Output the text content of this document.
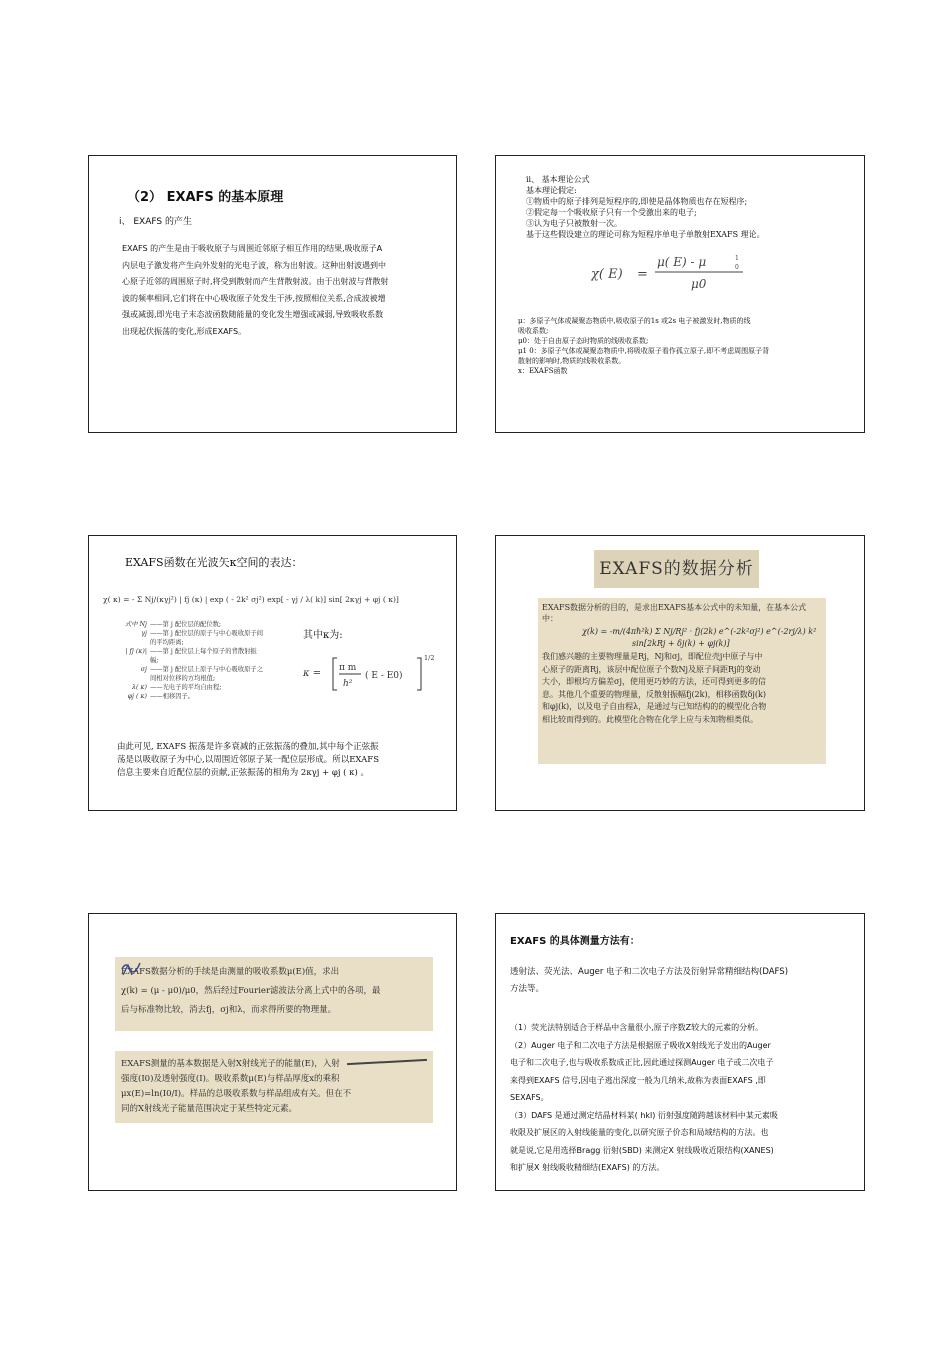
（2） EXAFS 的基本原理
i、 EXAFS 的产生
EXAFS 的产生是由于吸收原子与周围近邻原子相互作用的结果,吸收原子A
内层电子激发将产生向外发射的光电子波，称为出射波。这种出射波遇到中
心原子近邻的周围原子时,将受到散射而产生背散射波。由于出射波与背散射
波的频率相同,它们将在中心吸收原子处发生干涉,按照相位关系,合成波被增
强或减弱,即光电子末态波函数随能量的变化发生增强或减弱,导致吸收系数
出现起伏振荡的变化,形成EXAFS。
ii、 基本理论公式
基本理论假定:
①物质中的原子排列是短程序的,即使是晶体物质也存在短程序;
②假定每一个吸收原子只有一个受激出来的电子;
③认为电子只被散射一次。
基于这些假设建立的理论可称为短程序单电子单散射EXAFS 理论。
χ( E) =
μ( E) - μ	1
0
μ0
μ：多原子气体或凝聚态物质中,吸收原子的1s 或2s 电子被激发时,物质的线
吸收系数;
μ0：处于自由原子态时物质的线吸收系数;
μ1 0：多原子气体或凝聚态物质中,将吸收原子看作孤立原子,即不考虑周围原子背
散射的影响时,物质的线吸收系数。
x：EXAFS函数
EXAFS函数在光波矢κ空间的表达：
χ( κ) = - Σ Nj/(κγj²) | fj (κ) | exp ( - 2k² σj²) exp[ - γj / λ( k)] sin[ 2κγj + φj ( κ)]
式中 Nj ——第 j 配位层的配位数;
γj ——第 j 配位层的原子与中心吸收原子间
的平均距离;
| fj (κ)| ——第 j 配位层上每个原子的背散射振
幅;
σj ——第 j 配位层上原子与中心吸收原子之
间相对位移的方均根值;
λ( κ) ——光电子的平均自由程;
φj ( κ) ——相移因子。
其中κ为:
κ = π m
h²
( E - E0)
1/2
由此可见, EXAFS 振荡是许多衰减的正弦振荡的叠加,其中每个正弦振
荡是以吸收原子为中心,以周围近邻原子某一配位层形成。所以EXAFS
信息主要来自近配位层的贡献,正弦振荡的相角为 2κγj + φj ( κ) 。
EXAFS的数据分析
EXAFS数据分析的目的，是求出EXAFS基本公式中的未知量，在基本公式中：
χ(k) = -m/(4πħ²k) Σ Nj/Rj² · fj(2k) e^(-2k²σj²) e^(-2rj/λ) k²
sin[2kRj + δj(k) + φj(k)]
我们感兴趣的主要物理量是Rj，Nj和σj，即配位壳j中原子与中
心原子的距离Rj，该层中配位原子个数Nj及原子间距Rj的变动
大小，即根均方偏差σj，使用更巧妙的方法，还可得到更多的信
息。其他几个重要的物理量，反散射振幅fj(2k)，相移函数δj(k)
和φj(k)，以及电子自由程λ，是通过与已知结构的的模型化合物
相比较而得到的。此模型化合物在化学上应与未知物相类似。

EXAFS数据分析的手续是由测量的吸收系数μ(E)值，求出

χ(k) = (μ - μ0)/μ0，然后经过Fourier滤波法分离上式中的各项，最

后与标准物比较，消去fj，σj和λ，而求得所要的物理量。

EXAFS测量的基本数据是入射X射线光子的能量(E)，入射

强度(I0)及透射强度(I)。吸收系数μ(E)与样品厚度x的乘积

μx(E)=ln(I0/I)。样品的总吸收系数与样品组成有关。但在不

同的X射线光子能量范围决定于某些特定元素。

EXAFS 的具体测量方法有：
透射法、荧光法、Auger 电子和二次电子方法及衍射异常精细结构(DAFS)
方法等。
（1）荧光法特别适合于样品中含量很小,原子序数Z较大的元素的分析。
（2）Auger 电子和二次电子方法是根据原子吸收X射线光子发出的Auger
电子和二次电子,也与吸收系数成正比,因此通过探测Auger 电子或二次电子
来得到EXAFS 信号,因电子逃出深度一般为几纳米,故称为表面EXAFS ,即
SEXAFS。
（3）DAFS 是通过测定结晶材料某( hkl) 衍射强度随跨越该材料中某元素吸
收限及扩展区的入射线能量的变化,以研究原子价态和局域结构的方法。也
就是说,它是用选择Bragg 衍射(SBD) 来测定X 射线吸收近限结构(XANES)
和扩展X 射线吸收精细结(EXAFS) 的方法。
